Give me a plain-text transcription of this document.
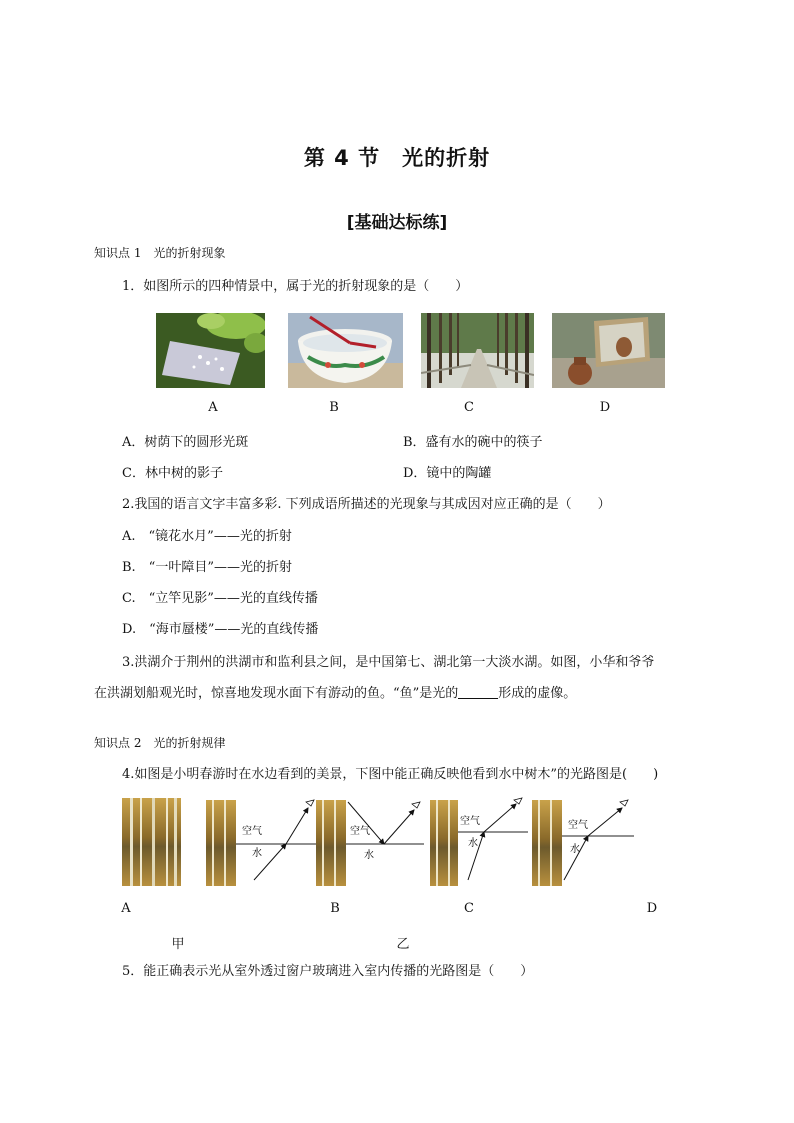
第 4 节　光的折射
[基础达标练]
知识点 1　光的折射现象
1．如图所示的四种情景中，属于光的折射现象的是（　　）
A	B	C	D
A．树荫下的圆形光斑	B．盛有水的碗中的筷子
C．林中树的影子	D．镜中的陶罐
2.我国的语言文字丰富多彩. 下列成语所描述的光现象与其成因对应正确的是（　　）
A.　“镜花水月”——光的折射
B.　“一叶障目”——光的折射
C.　“立竿见影”——光的直线传播
D.　“海市蜃楼”——光的直线传播
3.洪湖介于荆州的洪湖市和监利县之间，是中国第七、湖北第一大淡水湖。如图，小华和爷爷
在洪湖划船观光时，惊喜地发现水面下有游动的鱼。“鱼”是光的	形成的虚像。
知识点 2　光的折射规律
4.如图是小明春游时在水边看到的美景，下图中能正确反映他看到水中树木”的光路图是(　　)
空气
水
空气
水
空气
水
空气
水
A	B	C	D
甲	乙
5．能正确表示光从室外透过窗户玻璃进入室内传播的光路图是（　　）
